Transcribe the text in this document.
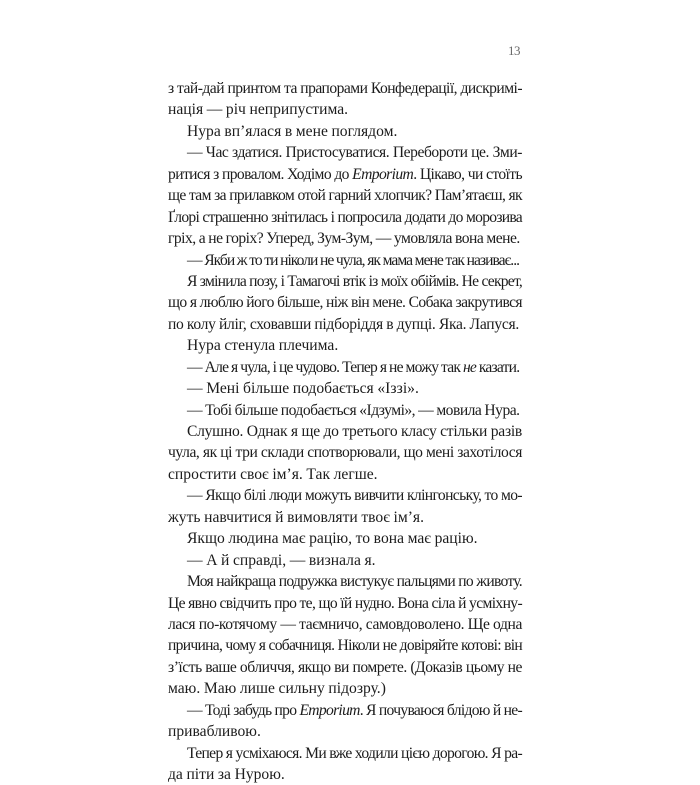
13
з тай-дай принтом та прапорами Конфедерації, дискримі-
нація — річ неприпустима.
Нура вп’ялася в мене поглядом.
— Час здатися. Пристосуватися. Перебороти це. Зми-
ритися з провалом. Ходімо до Emporium. Цікаво, чи стоїть
ще там за прилавком отой гарний хлопчик? Пам’ятаєш, як
Ґлорі страшенно знітилась і попросила додати до морозива
гріх, а не горіх? Уперед, Зум-Зум, — умовляла вона мене.
— Якби ж то ти ніколи не чула, як мама мене так називає...
Я змінила позу, і Тамагочі втік із моїх обіймів. Не секрет,
що я люблю його більше, ніж він мене. Собака закрутився
по колу йліг, сховавши підборіддя в дупці. Яка. Лапуся.
Нура стенула плечима.
— Але я чула, і це чудово. Тепер я не можу так не казати.
— Мені більше подобається «Іззі».
— Тобі більше подобається «Ідзумі», — мовила Нура.
Слушно. Однак я ще до третього класу стільки разів
чула, як ці три склади спотворювали, що мені захотілося
спростити своє ім’я. Так легше.
— Якщо білі люди можуть вивчити клінгонську, то мо-
жуть навчитися й вимовляти твоє ім’я.
Якщо людина має рацію, то вона має рацію.
— А й справді, — визнала я.
Моя найкраща подружка вистукує пальцями по животу.
Це явно свідчить про те, що їй нудно. Вона сіла й усміхну-
лася по-котячому — таємничо, самовдоволено. Ще одна
причина, чому я собачниця. Ніколи не довіряйте котові: він
з’їсть ваше обличчя, якщо ви помрете. (Доказів цьому не
маю. Маю лише сильну підозру.)
— Тоді забудь про Emporium. Я почуваюся блідою й не-
привабливою.
Тепер я усміхаюся. Ми вже ходили цією дорогою. Я ра-
да піти за Нурою.
